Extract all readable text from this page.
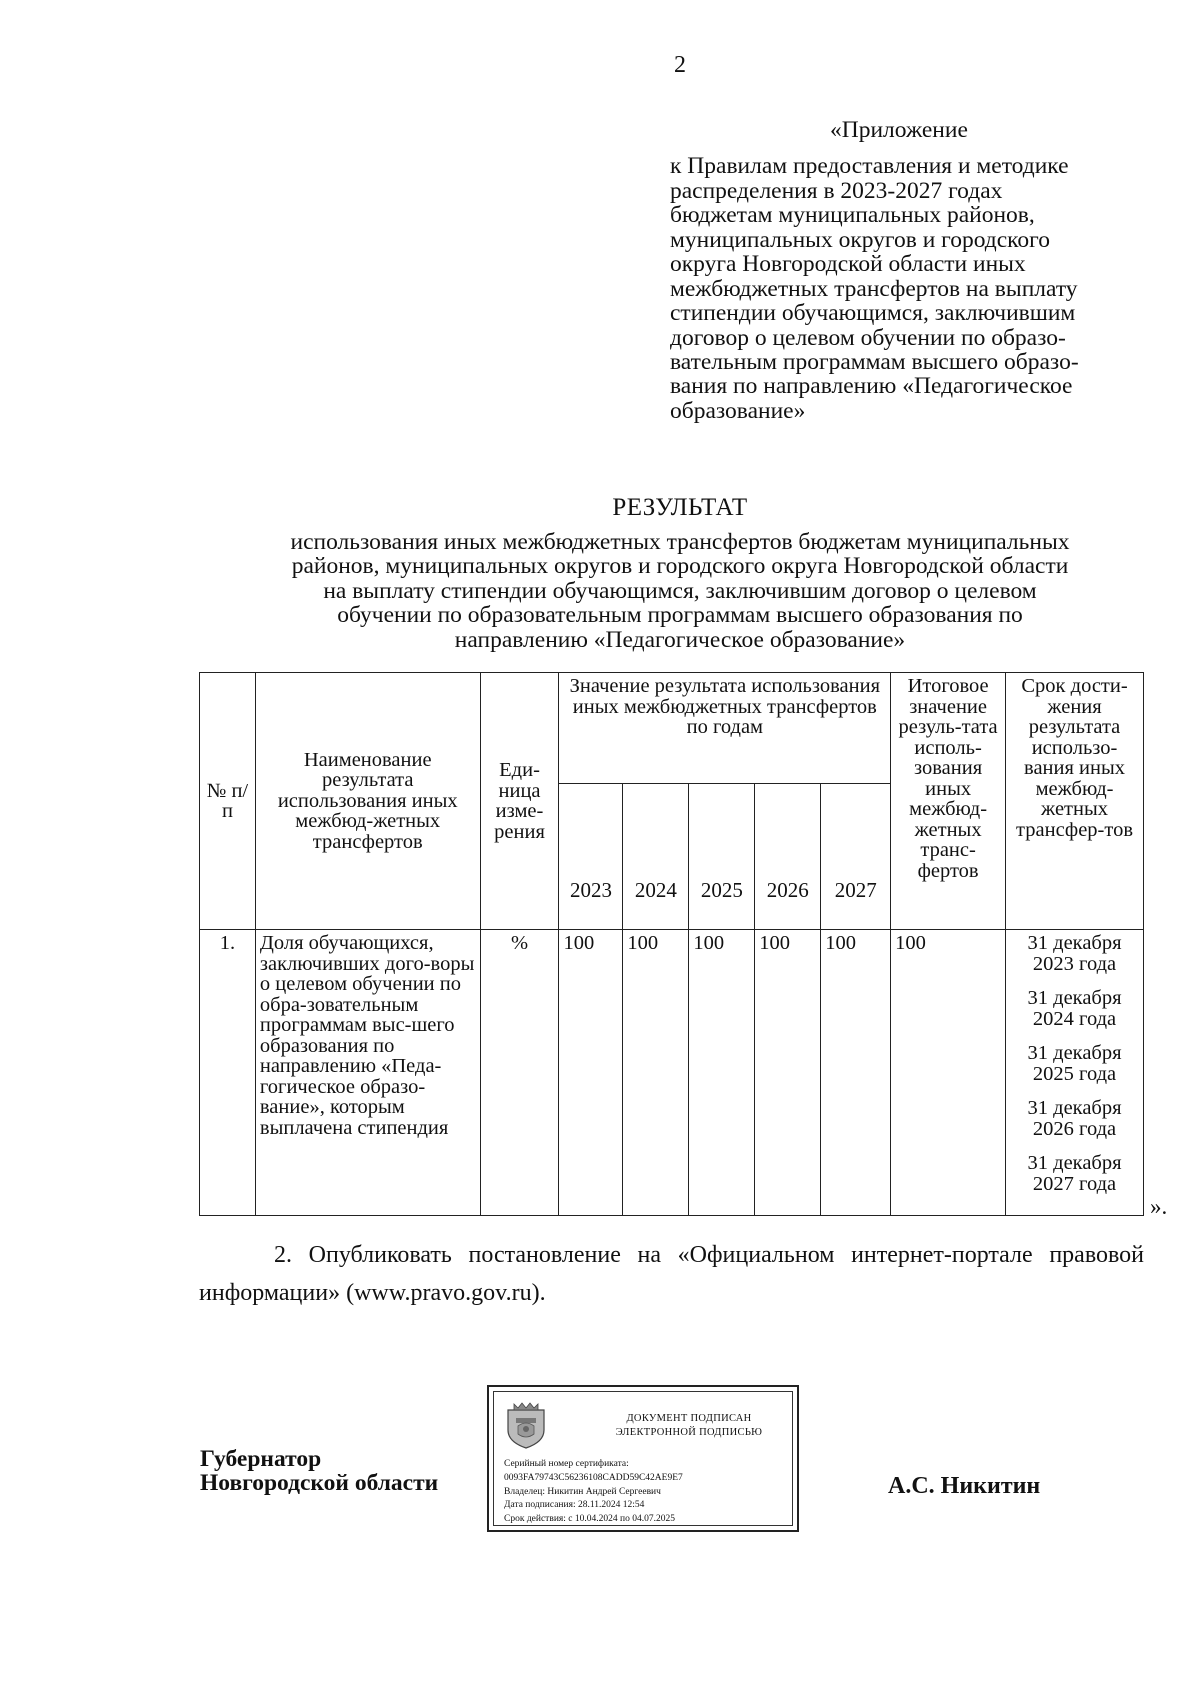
2
«Приложение
к Правилам предоставления и методике
распределения в 2023-2027 годах
бюджетам муниципальных районов,
муниципальных округов и городского
округа Новгородской области иных
межбюджетных трансфертов на выплату
стипендии обучающимся, заключившим
договор о целевом обучении по образо-
вательным программам высшего образо-
вания по направлению «Педагогическое
образование»
РЕЗУЛЬТАТ
использования иных межбюджетных трансфертов бюджетам муниципальных
районов, муниципальных округов и городского округа Новгородской области
на выплату стипендии обучающимся, заключившим договор о целевом
обучении по образовательным программам высшего образования по
направлению «Педагогическое образование»
№ п/п	Наименование результата использования иных межбюд-жетных трансфертов	Еди-ница изме-рения	Значение результата использования иных межбюджетных трансфертов по годам					Итоговое значение резуль-тата исполь-зования иных межбюд-жетных транс-фертов	Срок дости-жения результата использо-вания иных межбюд-жетных трансфер-тов
			2023	2024	2025	2026	2027		
1.	Доля обучающихся, заключивших дого-воры о целевом обучении по обра-зовательным программам выс-шего образования по направлению «Педа-гогическое образо-вание», которым выплачена стипендия	%	100	100	100	100	100	100	31 декабря 2023 года
31 декабря 2024 года
31 декабря 2025 года
31 декабря 2026 года
31 декабря 2027 года
».
2. Опубликовать постановление на «Официальном интернет-портале правовой информации» (www.pravo.gov.ru).
Губернатор
Новгородской области
ДОКУМЕНТ ПОДПИСАН
ЭЛЕКТРОННОЙ ПОДПИСЬЮ
Серийный номер сертификата:
0093FA79743C56236108CADD59C42AE9E7
Владелец: Никитин Андрей Сергеевич
Дата подписания: 28.11.2024 12:54
Срок действия: с 10.04.2024 по 04.07.2025
А.С. Никитин
